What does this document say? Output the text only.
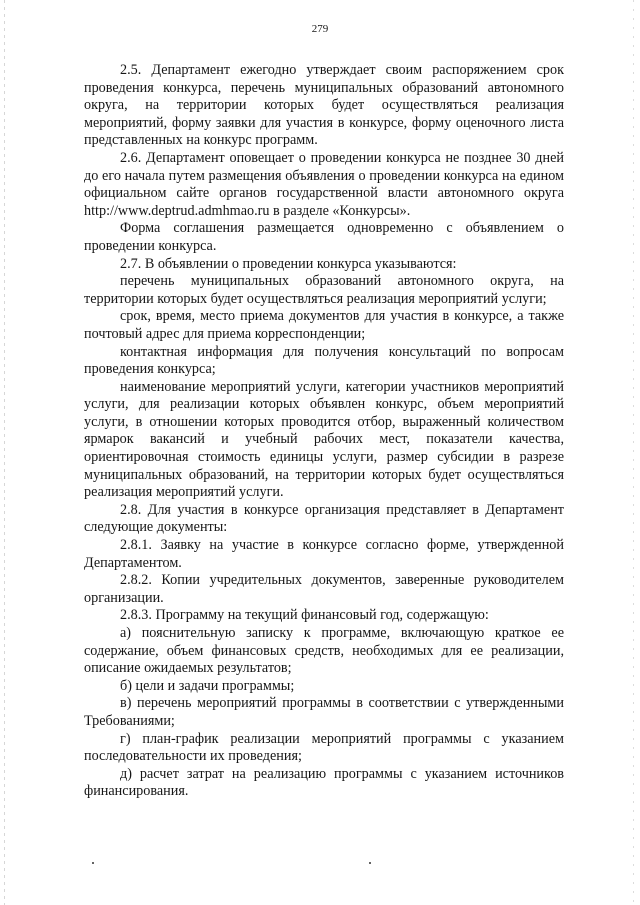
279

2.5. Департамент ежегодно утверждает своим распоряжением срок проведения конкурса, перечень муниципальных образований автономного округа, на территории которых будет осуществляться реализация мероприятий, форму заявки для участия в конкурсе, форму оценочного листа представленных на конкурс программ.

2.6. Департамент оповещает о проведении конкурса не позднее 30 дней до его начала путем размещения объявления о проведении конкурса на едином официальном сайте органов государственной власти автономного округа http://www.deptrud.admhmao.ru в разделе «Конкурсы».

Форма соглашения размещается одновременно с объявлением о проведении конкурса.

2.7. В объявлении о проведении конкурса указываются:

перечень муниципальных образований автономного округа, на территории которых будет осуществляться реализация мероприятий услуги;

срок, время, место приема документов для участия в конкурсе, а также почтовый адрес для приема корреспонденции;

контактная информация для получения консультаций по вопросам проведения конкурса;

наименование мероприятий услуги, категории участников мероприятий услуги, для реализации которых объявлен конкурс, объем мероприятий услуги, в отношении которых проводится отбор, выраженный количеством ярмарок вакансий и учебный рабочих мест, показатели качества, ориентировочная стоимость единицы услуги, размер субсидии в разрезе муниципальных образований, на территории которых будет осуществляться реализация мероприятий услуги.

2.8. Для участия в конкурсе организация представляет в Департамент следующие документы:

2.8.1. Заявку на участие в конкурсе согласно форме, утвержденной Департаментом.

2.8.2. Копии учредительных документов, заверенные руководителем организации.

2.8.3. Программу на текущий финансовый год, содержащую:

а) пояснительную записку к программе, включающую краткое ее содержание, объем финансовых средств, необходимых для ее реализации, описание ожидаемых результатов;

б) цели и задачи программы;

в) перечень мероприятий программы в соответствии с утвержденными Требованиями;

г) план-график реализации мероприятий программы с указанием последовательности их проведения;

д) расчет затрат на реализацию программы с указанием источников финансирования.
